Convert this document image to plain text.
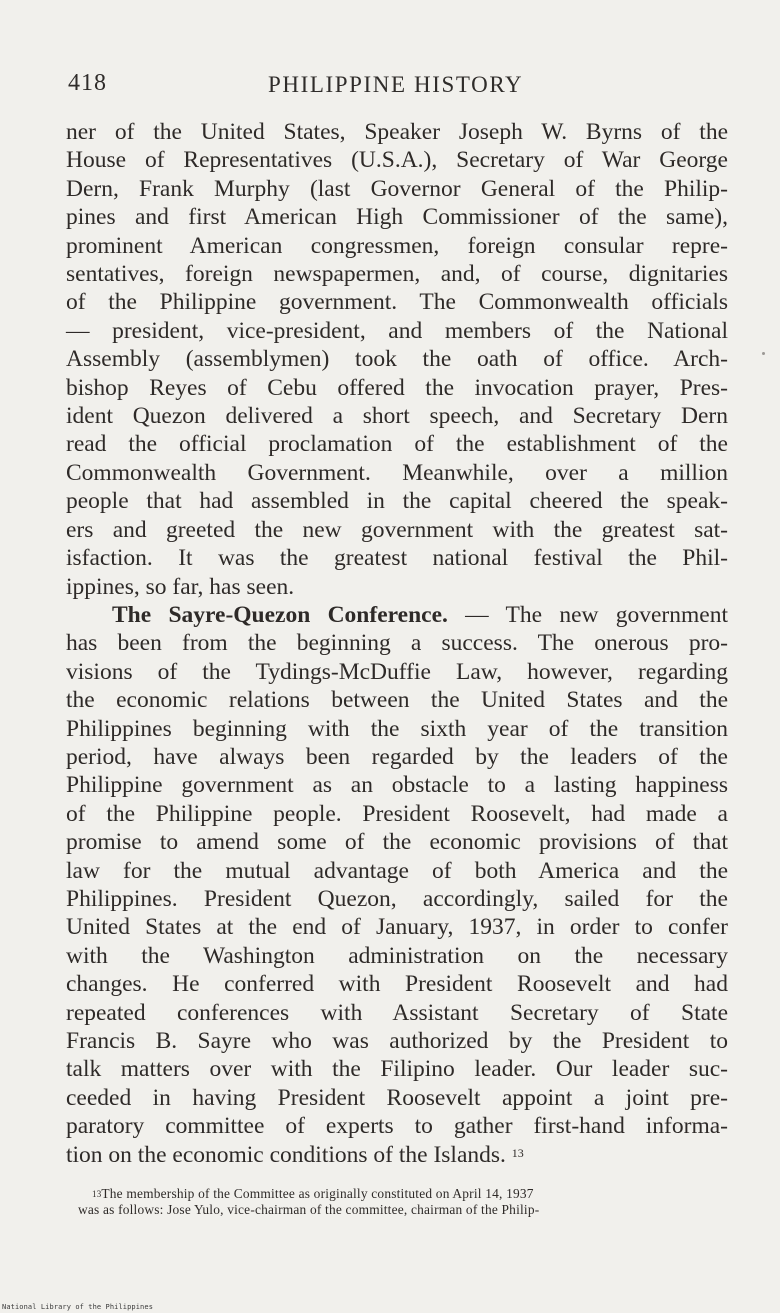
418	PHILIPPINE HISTORY
ner of the United States, Speaker Joseph W. Byrns of the
House of Representatives (U.S.A.), Secretary of War George
Dern, Frank Murphy (last Governor General of the Philip-
pines and first American High Commissioner of the same),
prominent American congressmen, foreign consular repre-
sentatives, foreign newspapermen, and, of course, dignitaries
of the Philippine government. The Commonwealth officials
— president, vice-president, and members of the National
Assembly (assemblymen) took the oath of office. Arch-
bishop Reyes of Cebu offered the invocation prayer, Pres-
ident Quezon delivered a short speech, and Secretary Dern
read the official proclamation of the establishment of the
Commonwealth Government. Meanwhile, over a million
people that had assembled in the capital cheered the speak-
ers and greeted the new government with the greatest sat-
isfaction. It was the greatest national festival the Phil-
ippines, so far, has seen.
The Sayre-Quezon Conference. — The new government
has been from the beginning a success. The onerous pro-
visions of the Tydings-McDuffie Law, however, regarding
the economic relations between the United States and the
Philippines beginning with the sixth year of the transition
period, have always been regarded by the leaders of the
Philippine government as an obstacle to a lasting happiness
of the Philippine people. President Roosevelt, had made a
promise to amend some of the economic provisions of that
law for the mutual advantage of both America and the
Philippines. President Quezon, accordingly, sailed for the
United States at the end of January, 1937, in order to confer
with the Washington administration on the necessary
changes. He conferred with President Roosevelt and had
repeated conferences with Assistant Secretary of State
Francis B. Sayre who was authorized by the President to
talk matters over with the Filipino leader. Our leader suc-
ceeded in having President Roosevelt appoint a joint pre-
paratory committee of experts to gather first-hand informa-
tion on the economic conditions of the Islands. $^{13}$
$^{13}$The membership of the Committee as originally constituted on April 14, 1937
was as follows: Jose Yulo, vice-chairman of the committee, chairman of the Philip-
National Library of the Philippines
